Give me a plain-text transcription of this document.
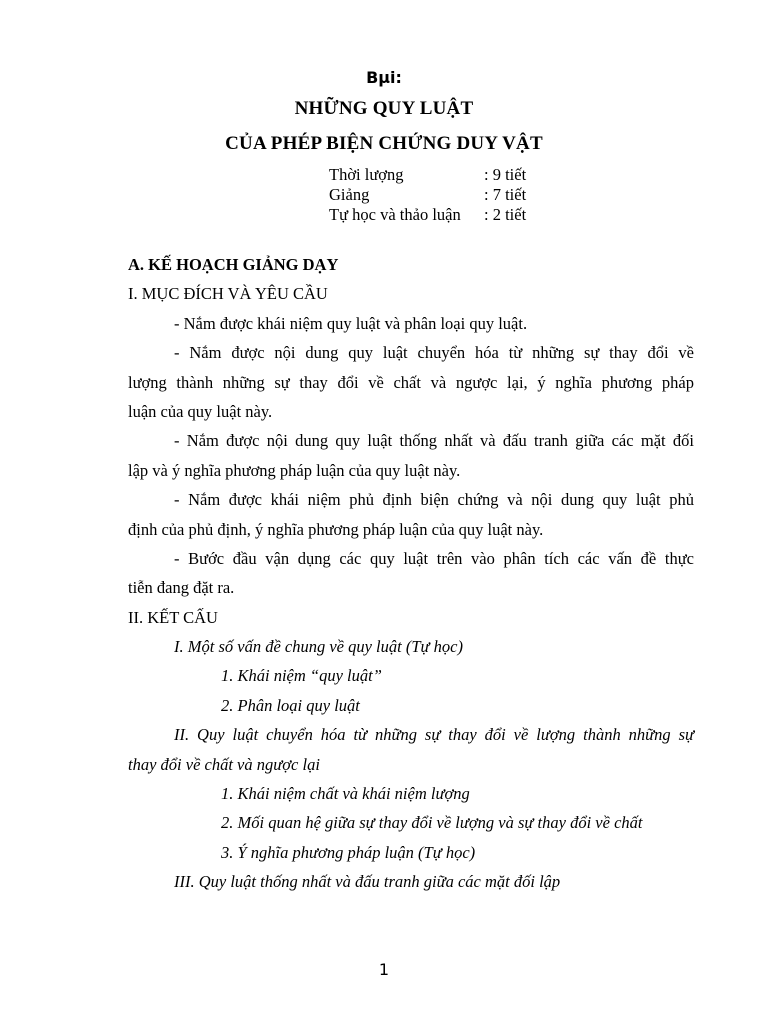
Bµi:
NHỮNG QUY LUẬT
CỦA PHÉP BIỆN CHỨNG DUY VẬT
Thời lượng	: 9 tiết
Giảng	: 7 tiết
Tự học và thảo luận	: 2 tiết
A. KẾ HOẠCH GIẢNG DẠY
I. MỤC ĐÍCH VÀ YÊU CẦU
- Nắm được khái niệm quy luật và phân loại quy luật.
- Nắm được nội dung quy luật chuyển hóa từ những sự thay đổi về
lượng thành những sự thay đổi về chất và ngược lại, ý nghĩa phương pháp
luận của quy luật này.
- Nắm được nội dung quy luật thống nhất và đấu tranh giữa các mặt đối
lập và ý nghĩa phương pháp luận của quy luật này.
- Nắm được khái niệm phủ định biện chứng và nội dung quy luật phủ
định của phủ định, ý nghĩa phương pháp luận của quy luật này.
- Bước đầu vận dụng các quy luật trên vào phân tích các vấn đề thực
tiễn đang đặt ra.
II. KẾT CẤU
I. Một số vấn đề chung về quy luật (Tự học)
1. Khái niệm “quy luật”
2. Phân loại quy luật
II. Quy luật chuyển hóa từ những sự thay đổi về lượng thành những sự
thay đổi về chất và ngược lại
1. Khái niệm chất và khái niệm lượng
2. Mối quan hệ giữa sự thay đổi về lượng và sự thay đổi về chất
3. Ý nghĩa phương pháp luận (Tự học)
III. Quy luật thống nhất và đấu tranh giữa các mặt đối lập
1
